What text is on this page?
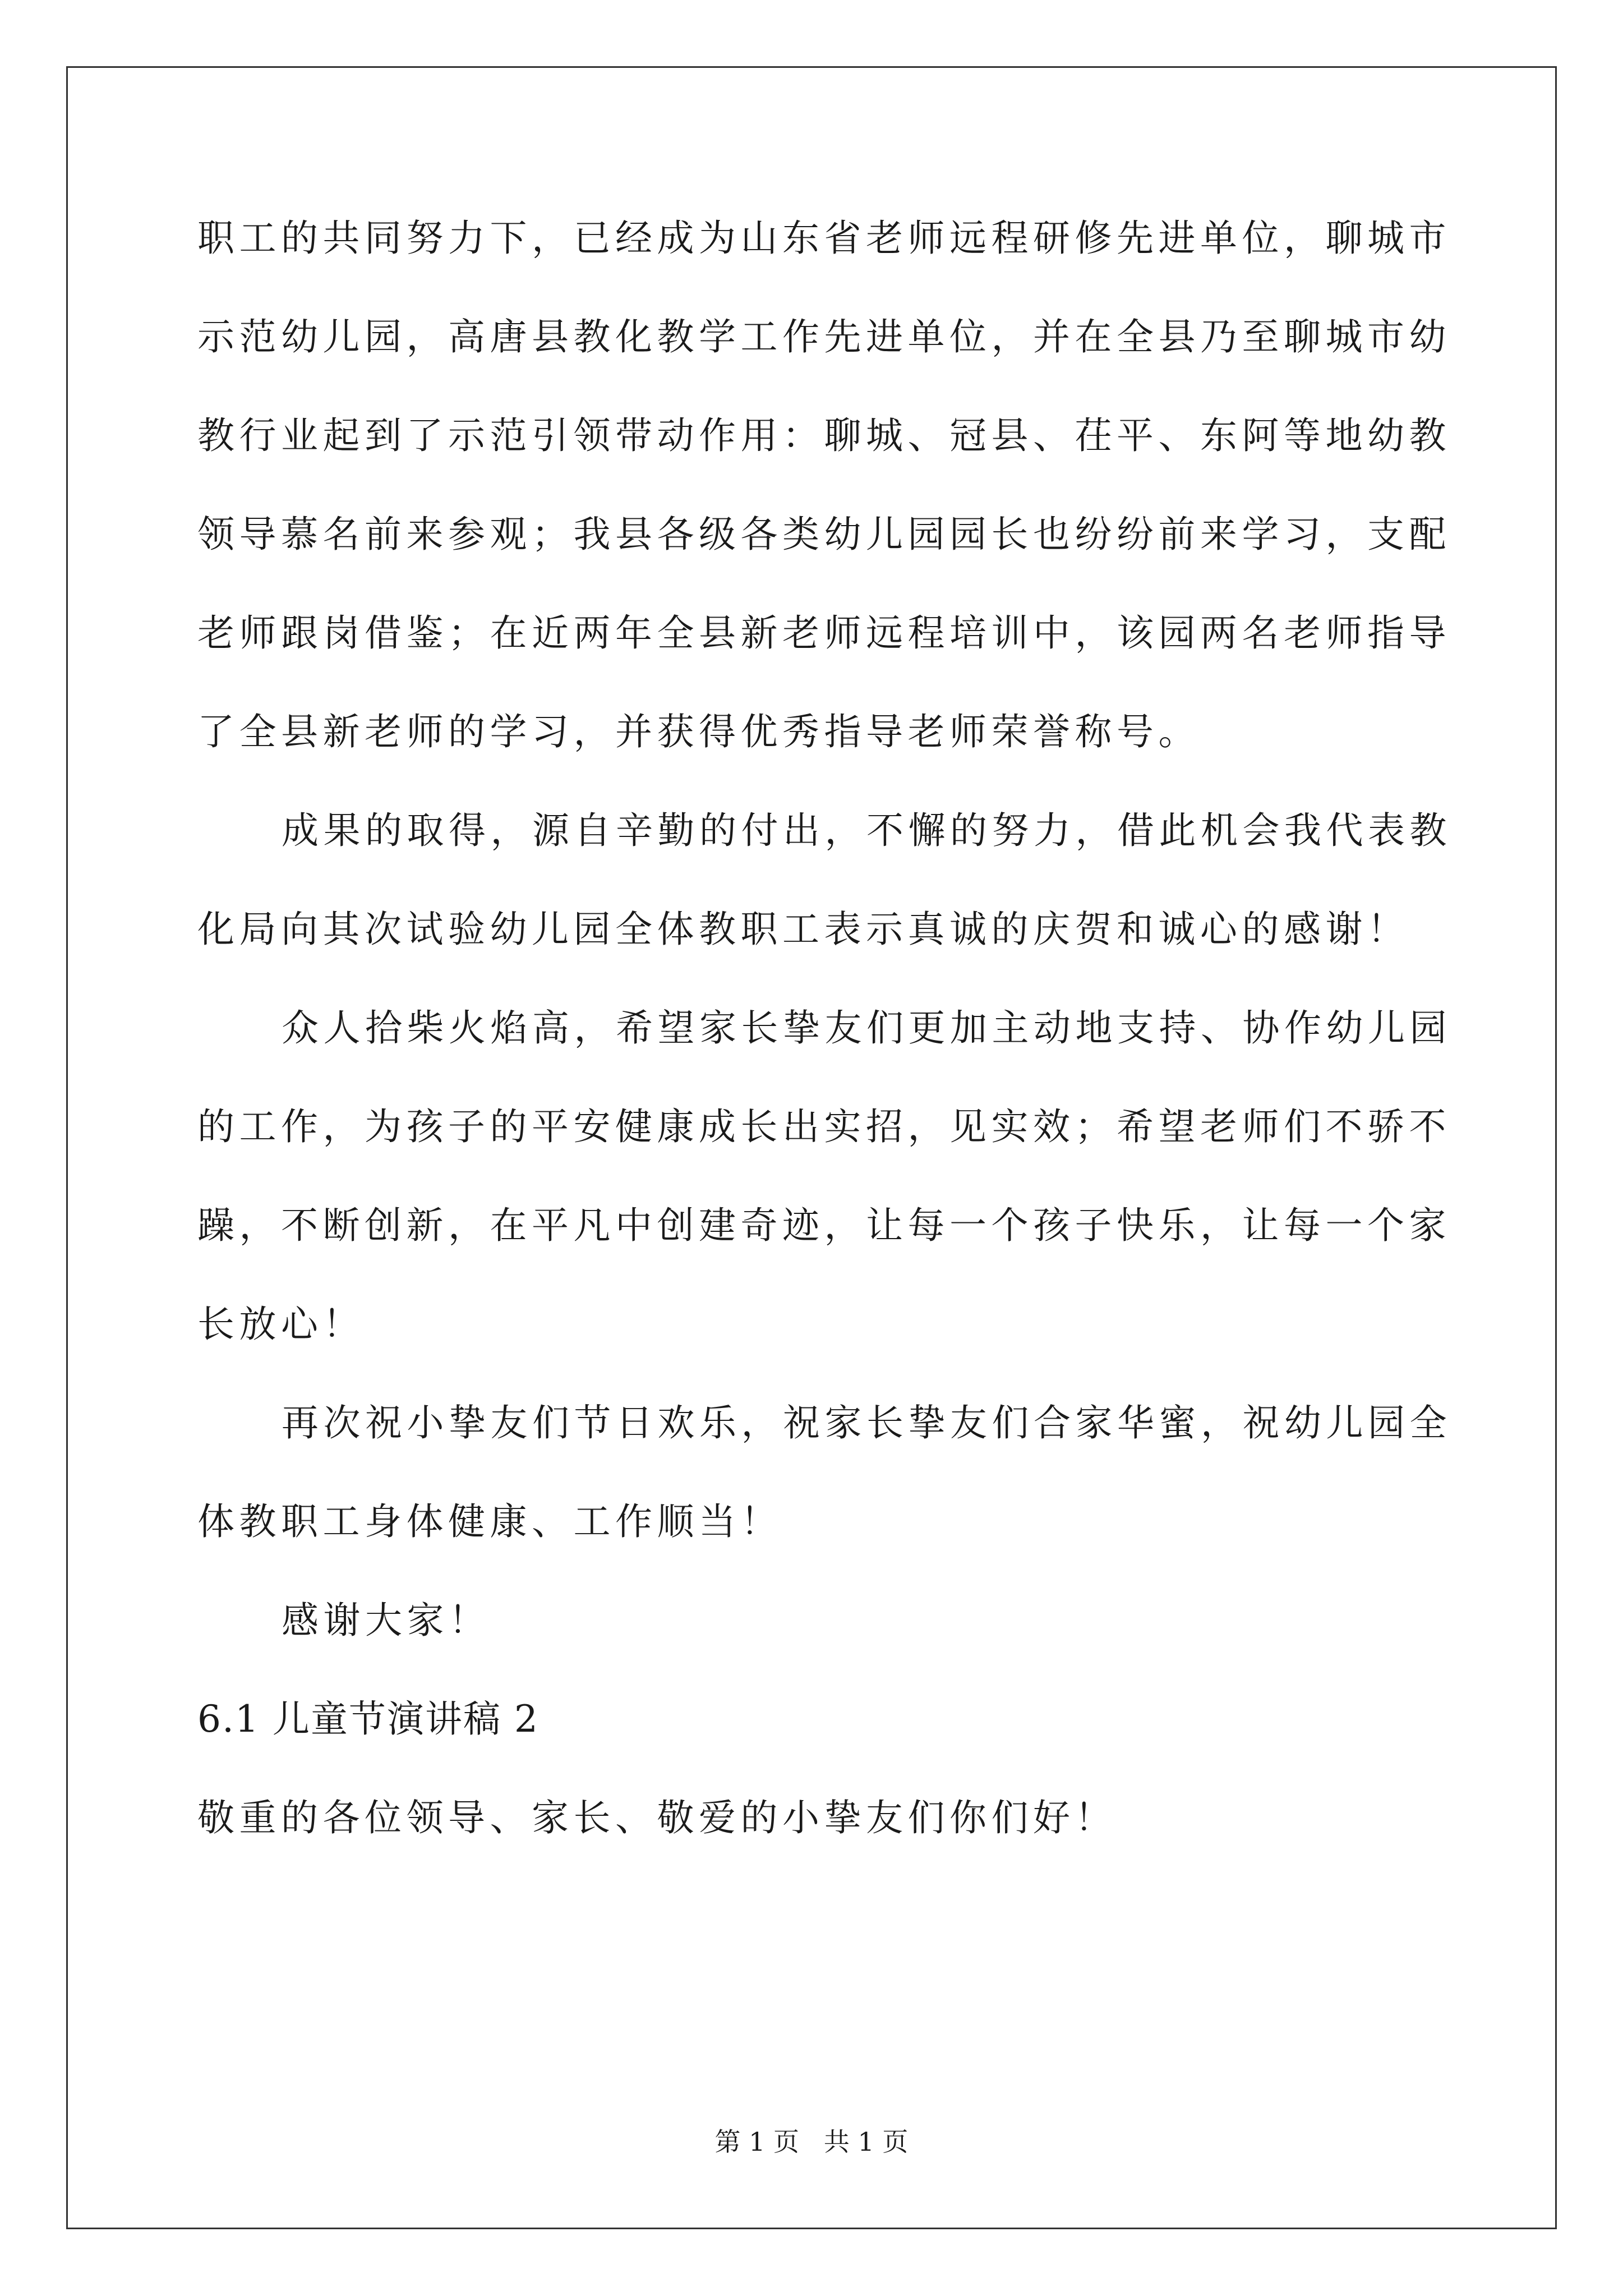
职工的共同努力下，已经成为山东省老师远程研修先进单位，聊城市
示范幼儿园，高唐县教化教学工作先进单位，并在全县乃至聊城市幼
教行业起到了示范引领带动作用：聊城、冠县、茌平、东阿等地幼教
领导慕名前来参观；我县各级各类幼儿园园长也纷纷前来学习，支配
老师跟岗借鉴；在近两年全县新老师远程培训中，该园两名老师指导
了全县新老师的学习，并获得优秀指导老师荣誉称号。
成果的取得，源自辛勤的付出，不懈的努力，借此机会我代表教
化局向其次试验幼儿园全体教职工表示真诚的庆贺和诚心的感谢！
众人拾柴火焰高，希望家长挚友们更加主动地支持、协作幼儿园
的工作，为孩子的平安健康成长出实招，见实效；希望老师们不骄不
躁，不断创新，在平凡中创建奇迹，让每一个孩子快乐，让每一个家
长放心！
再次祝小挚友们节日欢乐，祝家长挚友们合家华蜜，祝幼儿园全
体教职工身体健康、工作顺当！
感谢大家！
6.1 儿童节演讲稿 2
敬重的各位领导、家长、敬爱的小挚友们你们好！
第 1 页   共 1 页
